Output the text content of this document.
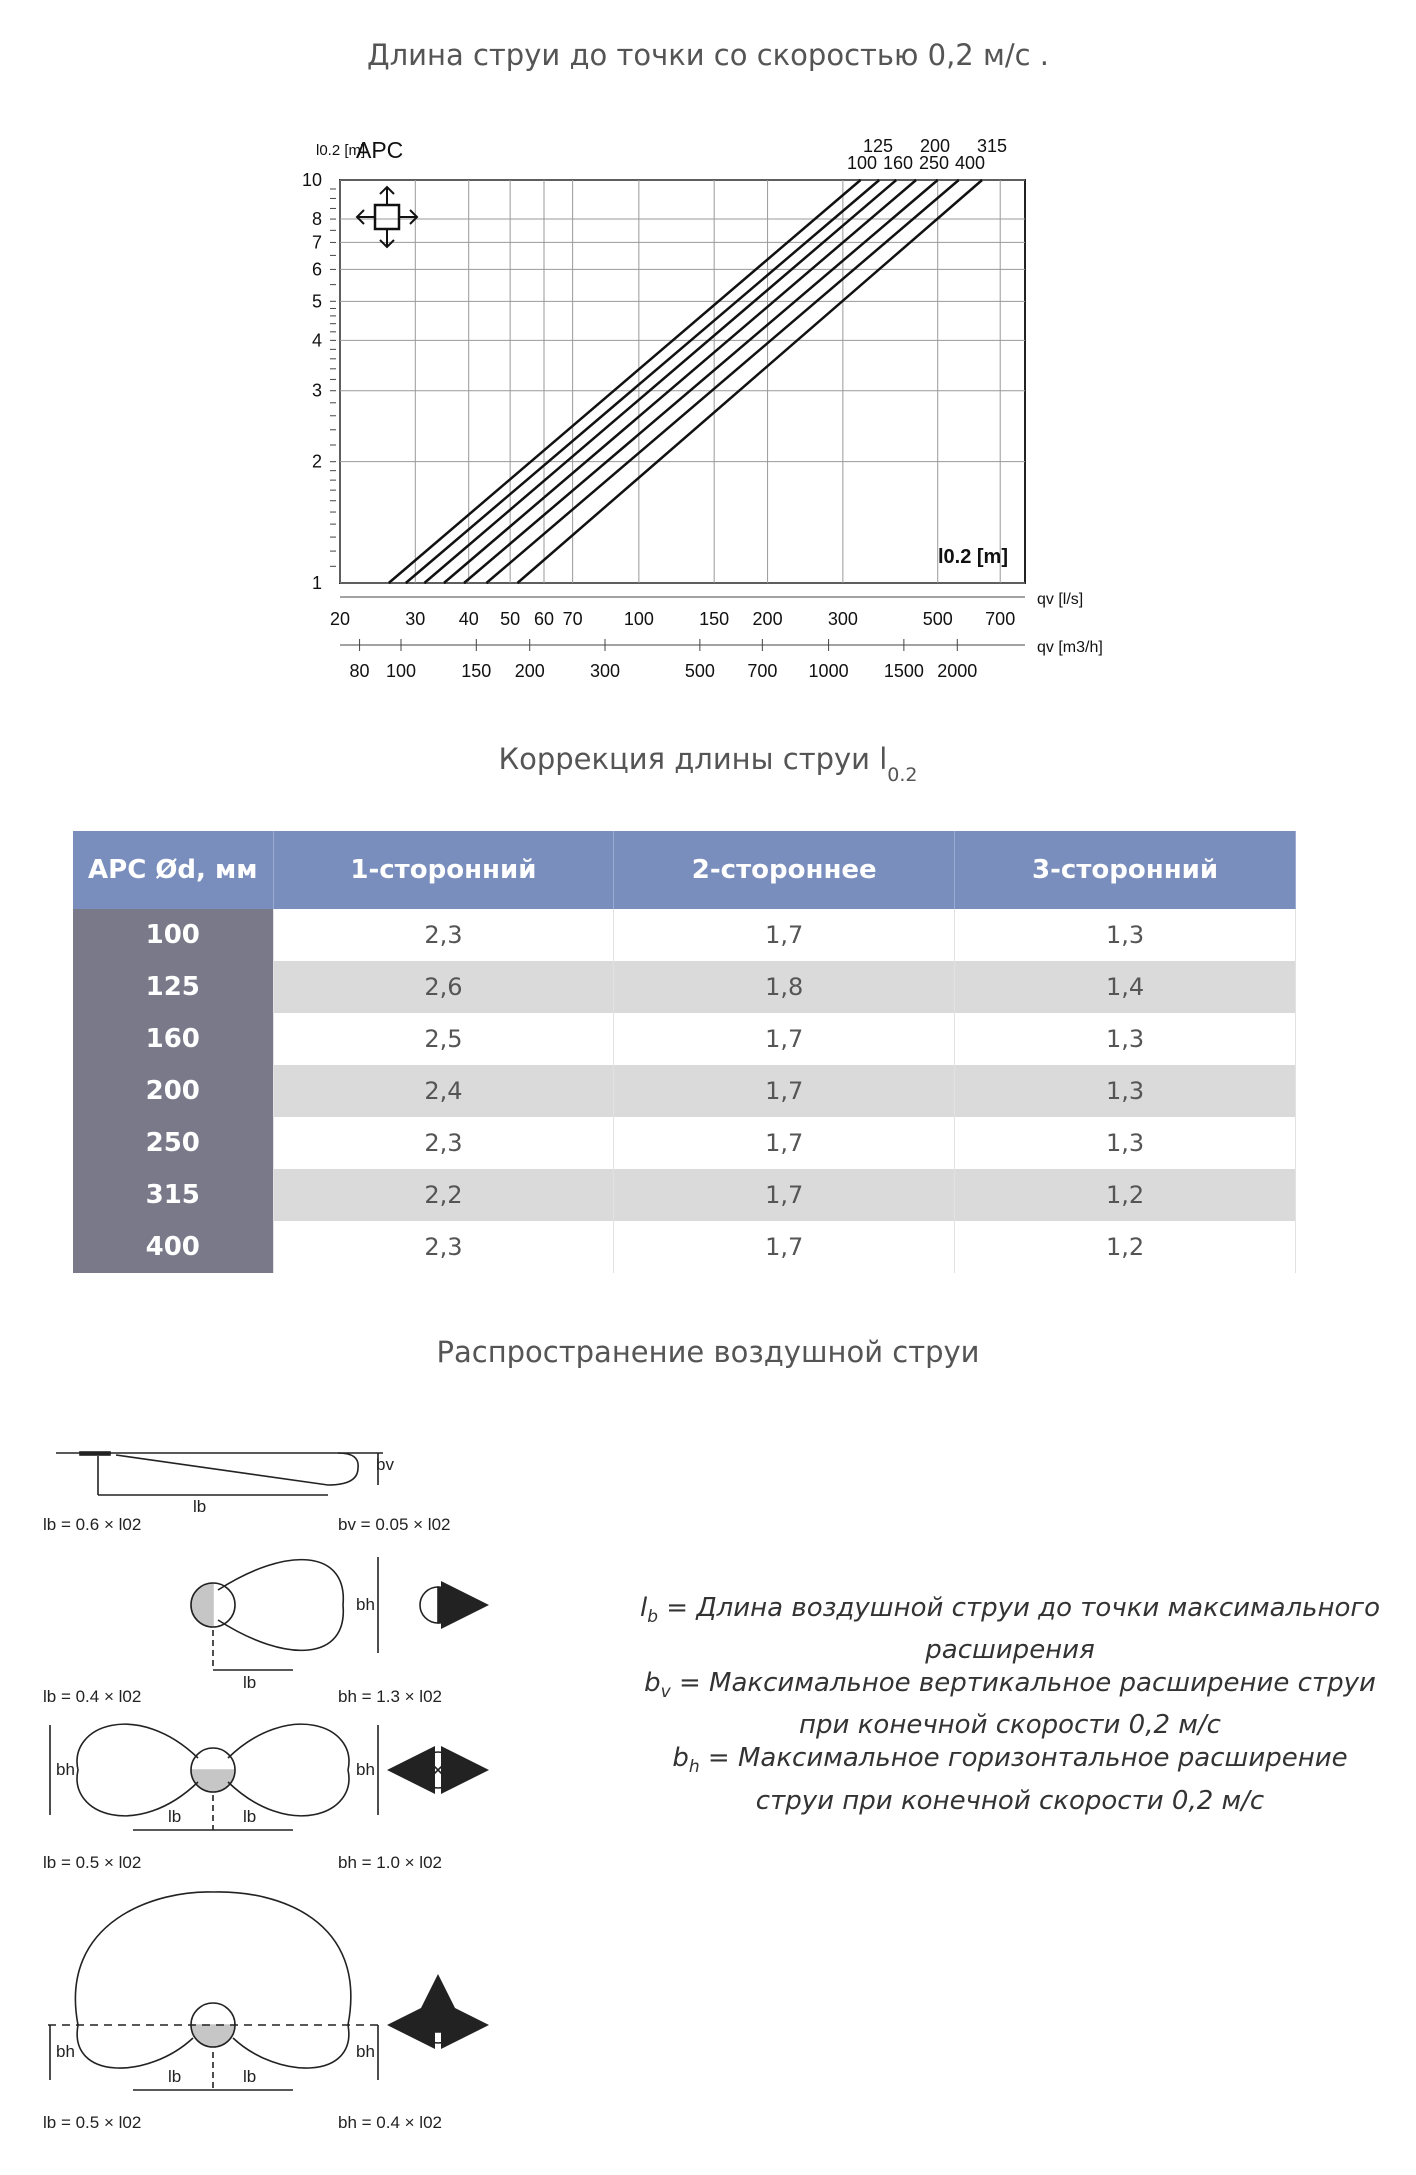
Длина струи до точки со скоростью 0,2 м/с .
20	30 40 50 60 70 100	150 200	300	500 700
1
2
3
4
5
6
7
8
10
80 100	150 200	300	500 700 1000 1500 2000
100 160 250 400
125 200 315
l0.2 [m]
APC
l0.2 [m]
qv [l/s]
qv [m3/h]
Коррекция длины струи $l_{0.2}$
APC Ød, мм	1-сторонний	2-стороннее	3-сторонний
100	2,3	1,7	1,3
125	2,6	1,8	1,4
160	2,5	1,7	1,3
200	2,4	1,7	1,3
250	2,3	1,7	1,3
315	2,2	1,7	1,2
400	2,3	1,7	1,2
Распространение воздушной струи
bv
lb
lb = 0.6 × l02	bv = 0.05 × l02
lb
bh
lb = 0.4 × l02	bh = 1.3 × l02
lb	lb
bh	bh
lb = 0.5 × l02	bh = 1.0 × l02
lb	lb
bh	bh
lb = 0.5 × l02	bh = 0.4 × l02
$l_b$ = Длина воздушной струи до точки максимального расширения
$b_v$ = Максимальное вертикальное расширение струи при конечной скорости 0,2 м/с
$b_h$ = Максимальное горизонтальное расширение струи при конечной скорости 0,2 м/с
